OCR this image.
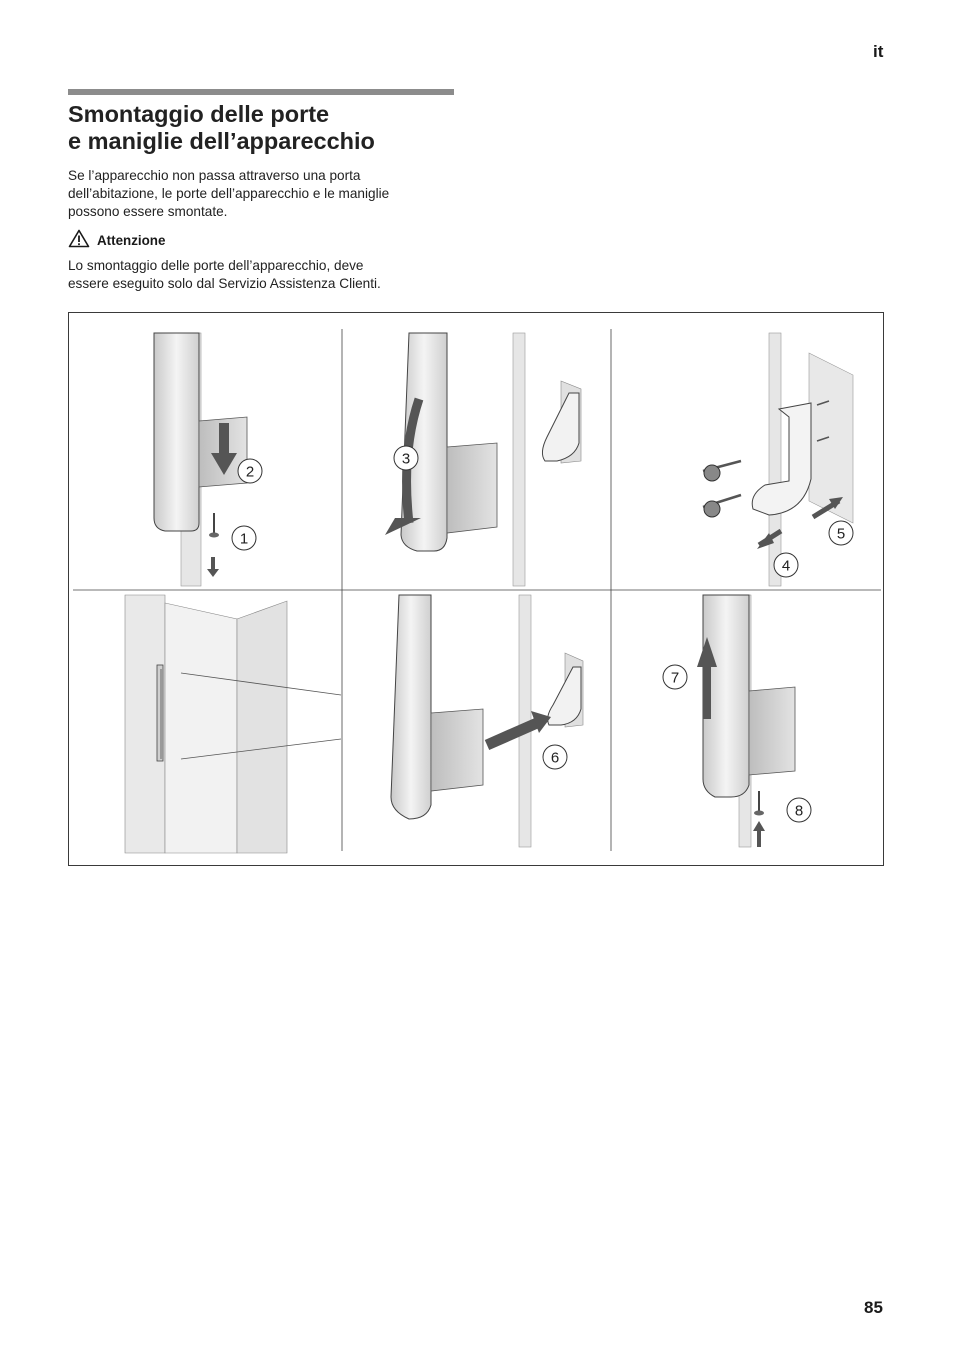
it
Smontaggio delle porte
e maniglie dell’apparecchio
Se l’apparecchio non passa attraverso una porta
dell’abitazione, le porte dell’apparecchio e le maniglie
possono essere smontate.
Attenzione
Lo smontaggio delle porte dell’apparecchio, deve
essere eseguito solo dal Servizio Assistenza Clienti.
1
2
3
4
5
6
7
8
85
